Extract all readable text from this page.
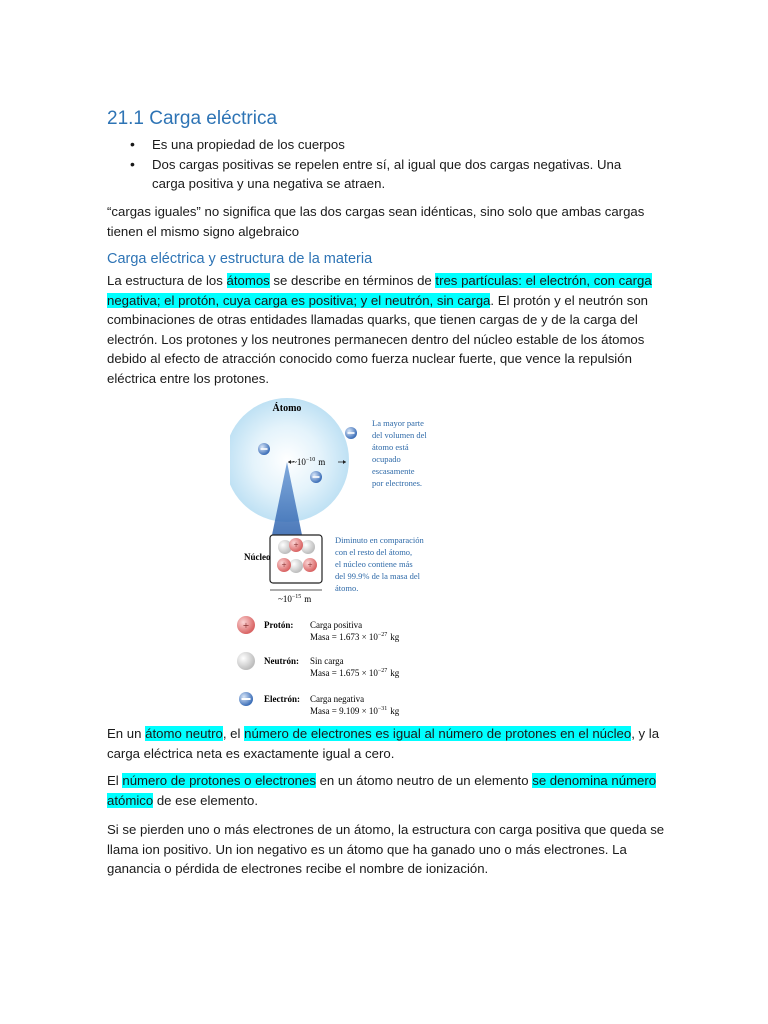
21.1 Carga eléctrica
• Es una propiedad de los cuerpos
• Dos cargas positivas se repelen entre sí, al igual que dos cargas negativas. Una carga positiva y una negativa se atraen.

“cargas iguales” no significa que las dos cargas sean idénticas, sino solo que ambas cargas tienen el mismo signo algebraico

Carga eléctrica y estructura de la materia

La estructura de los átomos se describe en términos de tres partículas: el electrón, con carga negativa; el protón, cuya carga es positiva; y el neutrón, sin carga. El protón y el neutrón son combinaciones de otras entidades llamadas quarks, que tienen cargas de y de la carga del electrón. Los protones y los neutrones permanecen dentro del núcleo estable de los átomos debido al efecto de atracción conocido como fuerza nuclear fuerte, que vence la repulsión eléctrica entre los protones.

Átomo
$\sim 10^{-10}$ m
La mayor parte
del volumen del
átomo está
ocupado
escasamente
por electrones.
Núcleo
+
+ +
$\sim 10^{-15}$ m
Diminuto en comparación
con el resto del átomo,
el núcleo contiene más
del 99.9% de la masa del
átomo.
+ Protón: Carga positiva
Masa = $1.673 \times 10^{-27}$ kg
Neutrón: Sin carga
Masa = $1.675 \times 10^{-27}$ kg
Electrón: Carga negativa
Masa = $9.109 \times 10^{-31}$ kg

En un átomo neutro, el número de electrones es igual al número de protones en el núcleo, y la carga eléctrica neta es exactamente igual a cero.

El número de protones o electrones en un átomo neutro de un elemento se denomina número atómico de ese elemento.

Si se pierden uno o más electrones de un átomo, la estructura con carga positiva que queda se llama ion positivo. Un ion negativo es un átomo que ha ganado uno o más electrones. La ganancia o pérdida de electrones recibe el nombre de ionización.
